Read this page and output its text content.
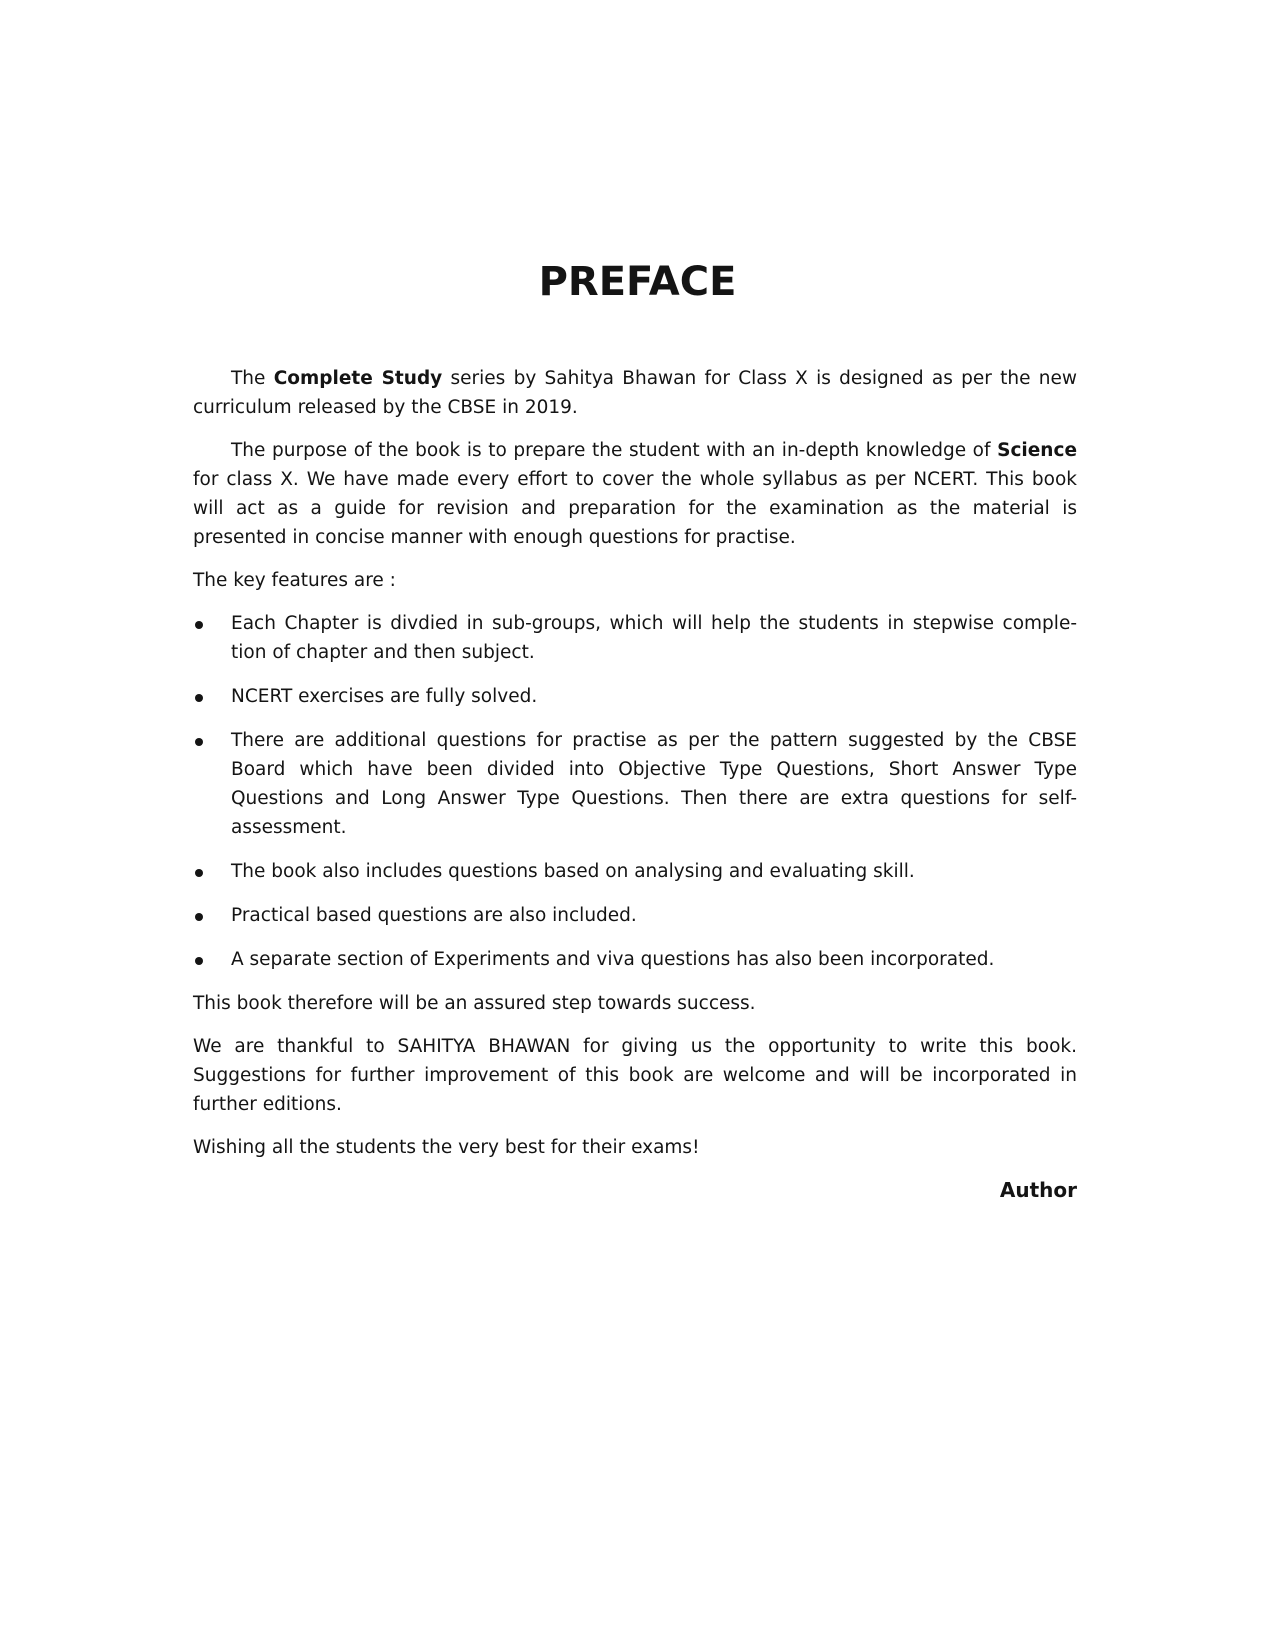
PREFACE

The Complete Study series by Sahitya Bhawan for Class X is designed as per the new curriculum released by the CBSE in 2019.

The purpose of the book is to prepare the student with an in-depth knowledge of Science for class X. We have made every effort to cover the whole syllabus as per NCERT. This book will act as a guide for revision and preparation for the examination as the material is presented in concise manner with enough questions for practise.

The key features are :

Each Chapter is divdied in sub-groups, which will help the students in stepwise comple-tion of chapter and then subject.
NCERT exercises are fully solved.
There are additional questions for practise as per the pattern suggested by the CBSE Board which have been divided into Objective Type Questions, Short Answer Type Questions and Long Answer Type Questions. Then there are extra questions for self-assessment.
The book also includes questions based on analysing and evaluating skill.
Practical based questions are also included.
A separate section of Experiments and viva questions has also been incorporated.

This book therefore will be an assured step towards success.

We are thankful to SAHITYA BHAWAN for giving us the opportunity to write this book. Suggestions for further improvement of this book are welcome and will be incorporated in further editions.

Wishing all the students the very best for their exams!

Author
